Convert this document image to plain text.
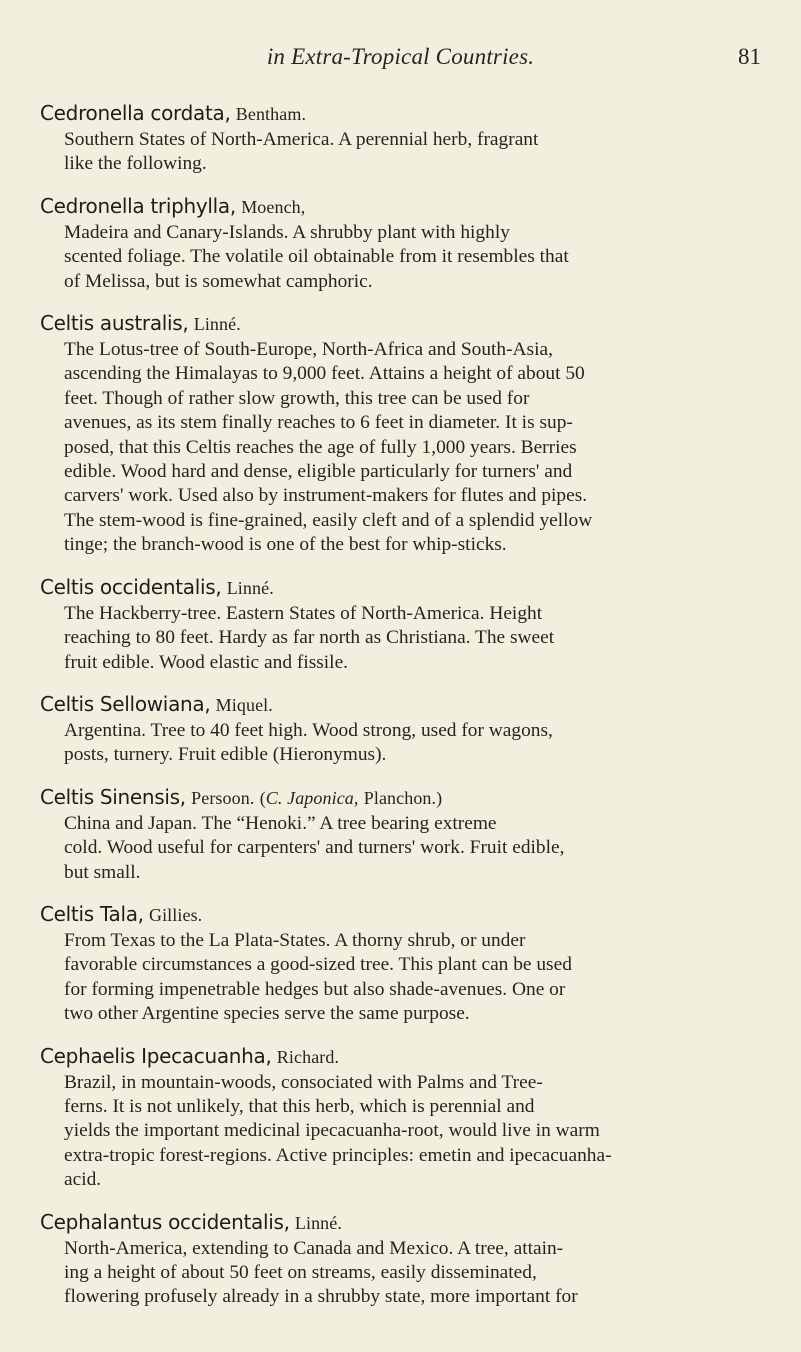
in Extra-Tropical Countries.	81
Cedronella cordata, Bentham.

Southern States of North-America. A perennial herb, fragrant
like the following.

Cedronella triphylla, Moench,

Madeira and Canary-Islands. A shrubby plant with highly
scented foliage. The volatile oil obtainable from it resembles that
of Melissa, but is somewhat camphoric.

Celtis australis, Linné.

The Lotus-tree of South-Europe, North-Africa and South-Asia,
ascending the Himalayas to 9,000 feet. Attains a height of about 50
feet. Though of rather slow growth, this tree can be used for
avenues, as its stem finally reaches to 6 feet in diameter. It is sup-
posed, that this Celtis reaches the age of fully 1,000 years. Berries
edible. Wood hard and dense, eligible particularly for turners' and
carvers' work. Used also by instrument-makers for flutes and pipes.
The stem-wood is fine-grained, easily cleft and of a splendid yellow
tinge; the branch-wood is one of the best for whip-sticks.

Celtis occidentalis, Linné.

The Hackberry-tree. Eastern States of North-America. Height
reaching to 80 feet. Hardy as far north as Christiana. The sweet
fruit edible. Wood elastic and fissile.

Celtis Sellowiana, Miquel.

Argentina. Tree to 40 feet high. Wood strong, used for wagons,
posts, turnery. Fruit edible (Hieronymus).

Celtis Sinensis, Persoon. (C. Japonica, Planchon.)

China and Japan. The “Henoki.” A tree bearing extreme
cold. Wood useful for carpenters' and turners' work. Fruit edible,
but small.

Celtis Tala, Gillies.

From Texas to the La Plata-States. A thorny shrub, or under
favorable circumstances a good-sized tree. This plant can be used
for forming impenetrable hedges but also shade-avenues. One or
two other Argentine species serve the same purpose.

Cephaelis Ipecacuanha, Richard.

Brazil, in mountain-woods, consociated with Palms and Tree-
ferns. It is not unlikely, that this herb, which is perennial and
yields the important medicinal ipecacuanha-root, would live in warm
extra-tropic forest-regions. Active principles: emetin and ipecacuanha-
acid.

Cephalantus occidentalis, Linné.

North-America, extending to Canada and Mexico. A tree, attain-
ing a height of about 50 feet on streams, easily disseminated,
flowering profusely already in a shrubby state, more important for
